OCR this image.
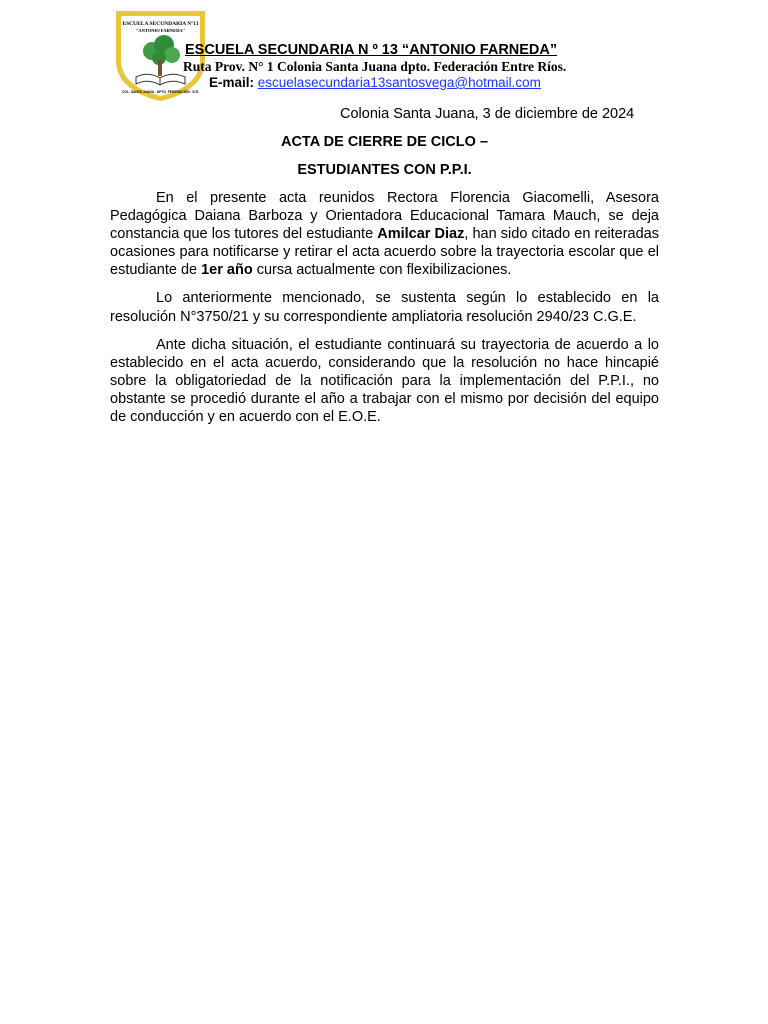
ESCUELA SECUNDARIA Nº13
"ANTONIO FARNEDA"
COL. SANTA JUANA · DPTO. FEDERACIÓN · E.R.
ESCUELA SECUNDARIA N º 13 “ANTONIO FARNEDA”
Ruta Prov. N° 1 Colonia Santa Juana dpto. Federación Entre Ríos.
E-mail: escuelasecundaria13santosvega@hotmail.com
Colonia Santa Juana, 3 de diciembre de 2024
ACTA DE CIERRE DE CICLO –
ESTUDIANTES CON P.P.I.

En el presente acta reunidos Rectora Florencia Giacomelli, Asesora Pedagógica Daiana Barboza y Orientadora Educacional Tamara Mauch, se deja constancia que los tutores del estudiante Amilcar Diaz, han sido citado en reiteradas ocasiones para notificarse y retirar el acta acuerdo sobre la trayectoria escolar que el estudiante de 1er año cursa actualmente con flexibilizaciones.

Lo anteriormente mencionado, se sustenta según lo establecido en la resolución N°3750/21 y su correspondiente ampliatoria resolución 2940/23 C.G.E.

Ante dicha situación, el estudiante continuará su trayectoria de acuerdo a lo establecido en el acta acuerdo, considerando que la resolución no hace hincapié sobre la obligatoriedad de la notificación para la implementación del P.P.I., no obstante se procedió durante el año a trabajar con el mismo por decisión del equipo de conducción y en acuerdo con el E.O.E.
